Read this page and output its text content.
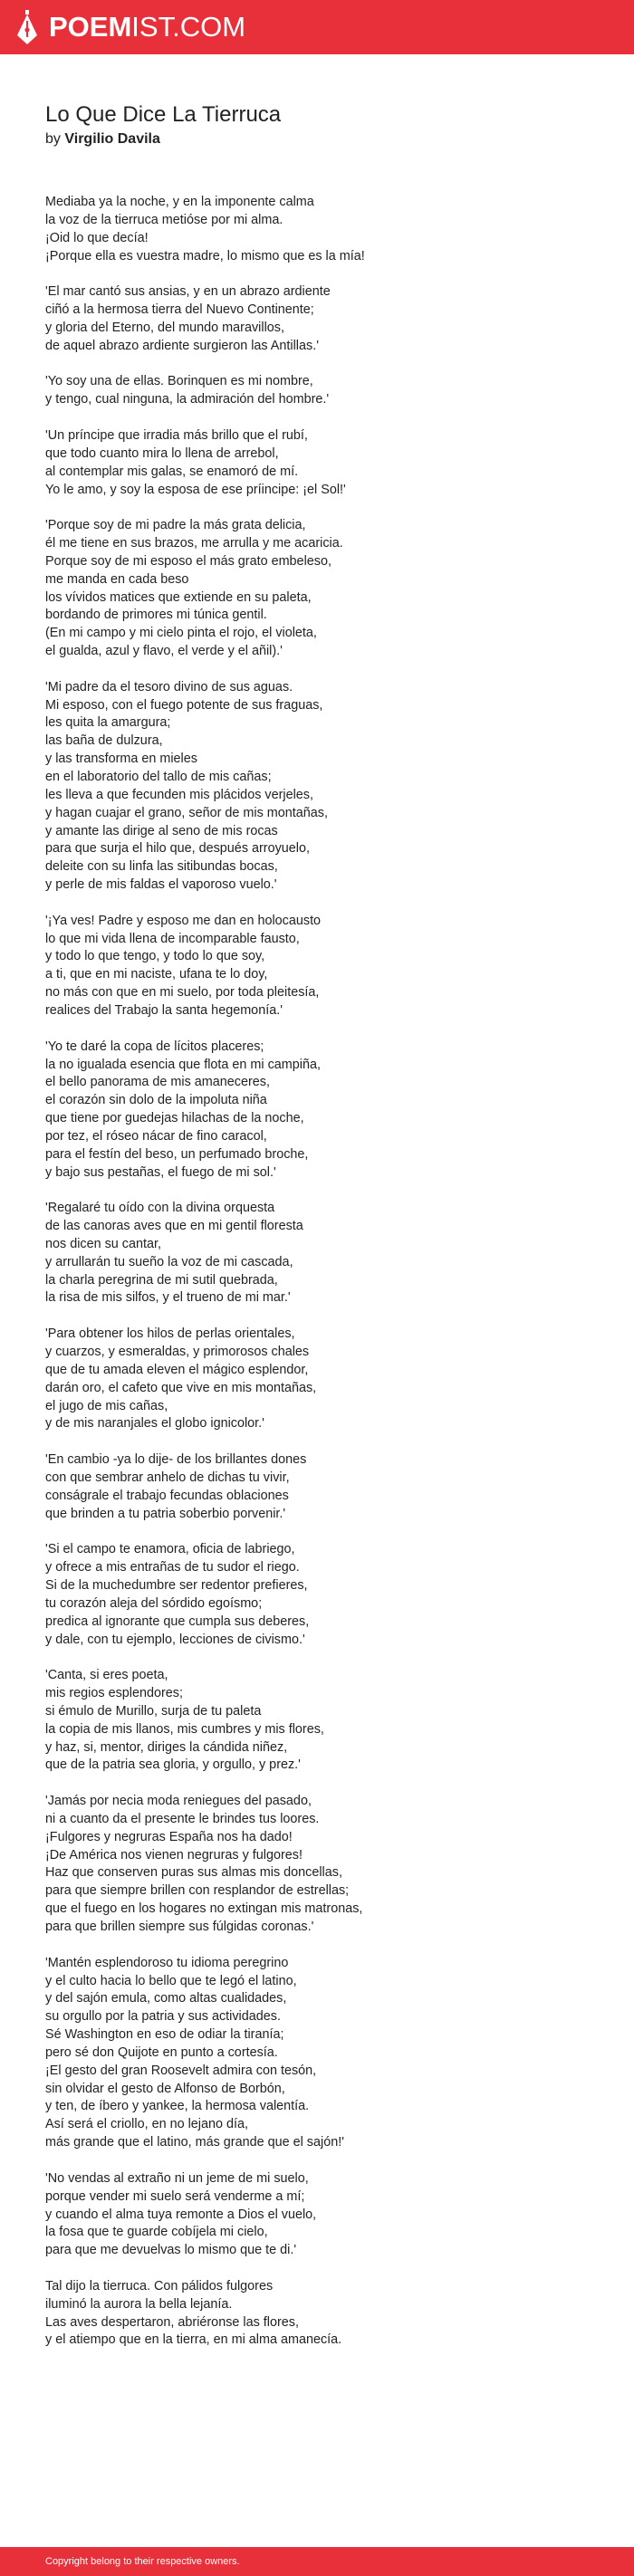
POEMIST.COM
Lo Que Dice La Tierruca
by Virgilio Davila

Mediaba ya la noche, y en la imponente calma
la voz de la tierruca metióse por mi alma.
¡Oid lo que decía!
¡Porque ella es vuestra madre, lo mismo que es la mía!

'El mar cantó sus ansias, y en un abrazo ardiente
ciñó a la hermosa tierra del Nuevo Continente;
y gloria del Eterno, del mundo maravillos,
de aquel abrazo ardiente surgieron las Antillas.'

'Yo soy una de ellas. Borinquen es mi nombre,
y tengo, cual ninguna, la admiración del hombre.'

'Un príncipe que irradia más brillo que el rubí,
que todo cuanto mira lo llena de arrebol,
al contemplar mis galas, se enamoró de mí.
Yo le amo, y soy la esposa de ese príincipe: ¡el Sol!'

'Porque soy de mi padre la más grata delicia,
él me tiene en sus brazos, me arrulla y me acaricia.
Porque soy de mi esposo el más grato embeleso,
me manda en cada beso
los vívidos matices que extiende en su paleta,
bordando de primores mi túnica gentil.
(En mi campo y mi cielo pinta el rojo, el violeta,
el gualda, azul y flavo, el verde y el añil).'

'Mi padre da el tesoro divino de sus aguas.
Mi esposo, con el fuego potente de sus fraguas,
les quita la amargura;
las baña de dulzura,
y las transforma en mieles
en el laboratorio del tallo de mis cañas;
les lleva a que fecunden mis plácidos verjeles,
y hagan cuajar el grano, señor de mis montañas,
y amante las dirige al seno de mis rocas
para que surja el hilo que, después arroyuelo,
deleite con su linfa las sitibundas bocas,
y perle de mis faldas el vaporoso vuelo.'

'¡Ya ves! Padre y esposo me dan en holocausto
lo que mi vida llena de incomparable fausto,
y todo lo que tengo, y todo lo que soy,
a ti, que en mi naciste, ufana te lo doy,
no más con que en mi suelo, por toda pleitesía,
realices del Trabajo la santa hegemonía.'

'Yo te daré la copa de lícitos placeres;
la no igualada esencia que flota en mi campiña,
el bello panorama de mis amaneceres,
el corazón sin dolo de la impoluta niña
que tiene por guedejas hilachas de la noche,
por tez, el róseo nácar de fino caracol,
para el festín del beso, un perfumado broche,
y bajo sus pestañas, el fuego de mi sol.'

'Regalaré tu oído con la divina orquesta
de las canoras aves que en mi gentil floresta
nos dicen su cantar,
y arrullarán tu sueño la voz de mi cascada,
la charla peregrina de mi sutil quebrada,
la risa de mis silfos, y el trueno de mi mar.'

'Para obtener los hilos de perlas orientales,
y cuarzos, y esmeraldas, y primorosos chales
que de tu amada eleven el mágico esplendor,
darán oro, el cafeto que vive en mis montañas,
el jugo de mis cañas,
y de mis naranjales el globo ignicolor.'

'En cambio -ya lo dije- de los brillantes dones
con que sembrar anhelo de dichas tu vivir,
conságrale el trabajo fecundas oblaciones
que brinden a tu patria soberbio porvenir.'

'Si el campo te enamora, oficia de labriego,
y ofrece a mis entrañas de tu sudor el riego.
Si de la muchedumbre ser redentor prefieres,
tu corazón aleja del sórdido egoísmo;
predica al ignorante que cumpla sus deberes,
y dale, con tu ejemplo, lecciones de civismo.'

'Canta, si eres poeta,
mis regios esplendores;
si émulo de Murillo, surja de tu paleta
la copia de mis llanos, mis cumbres y mis flores,
y haz, si, mentor, diriges la cándida niñez,
que de la patria sea gloria, y orgullo, y prez.'

'Jamás por necia moda reniegues del pasado,
ni a cuanto da el presente le brindes tus loores.
¡Fulgores y negruras España nos ha dado!
¡De América nos vienen negruras y fulgores!
Haz que conserven puras sus almas mis doncellas,
para que siempre brillen con resplandor de estrellas;
que el fuego en los hogares no extingan mis matronas,
para que brillen siempre sus fúlgidas coronas.'

'Mantén esplendoroso tu idioma peregrino
y el culto hacia lo bello que te legó el latino,
y del sajón emula, como altas cualidades,
su orgullo por la patria y sus actividades.
Sé Washington en eso de odiar la tiranía;
pero sé don Quijote en punto a cortesía.
¡El gesto del gran Roosevelt admira con tesón,
sin olvidar el gesto de Alfonso de Borbón,
y ten, de íbero y yankee, la hermosa valentía.
Así será el criollo, en no lejano día,
más grande que el latino, más grande que el sajón!'

'No vendas al extraño ni un jeme de mi suelo,
porque vender mi suelo será venderme a mí;
y cuando el alma tuya remonte a Dios el vuelo,
la fosa que te guarde cobíjela mi cielo,
para que me devuelvas lo mismo que te di.'

Tal dijo la tierruca. Con pálidos fulgores
iluminó la aurora la bella lejanía.
Las aves despertaron, abriéronse las flores,
y el atiempo que en la tierra, en mi alma amanecía.

Copyright belong to their respective owners.
